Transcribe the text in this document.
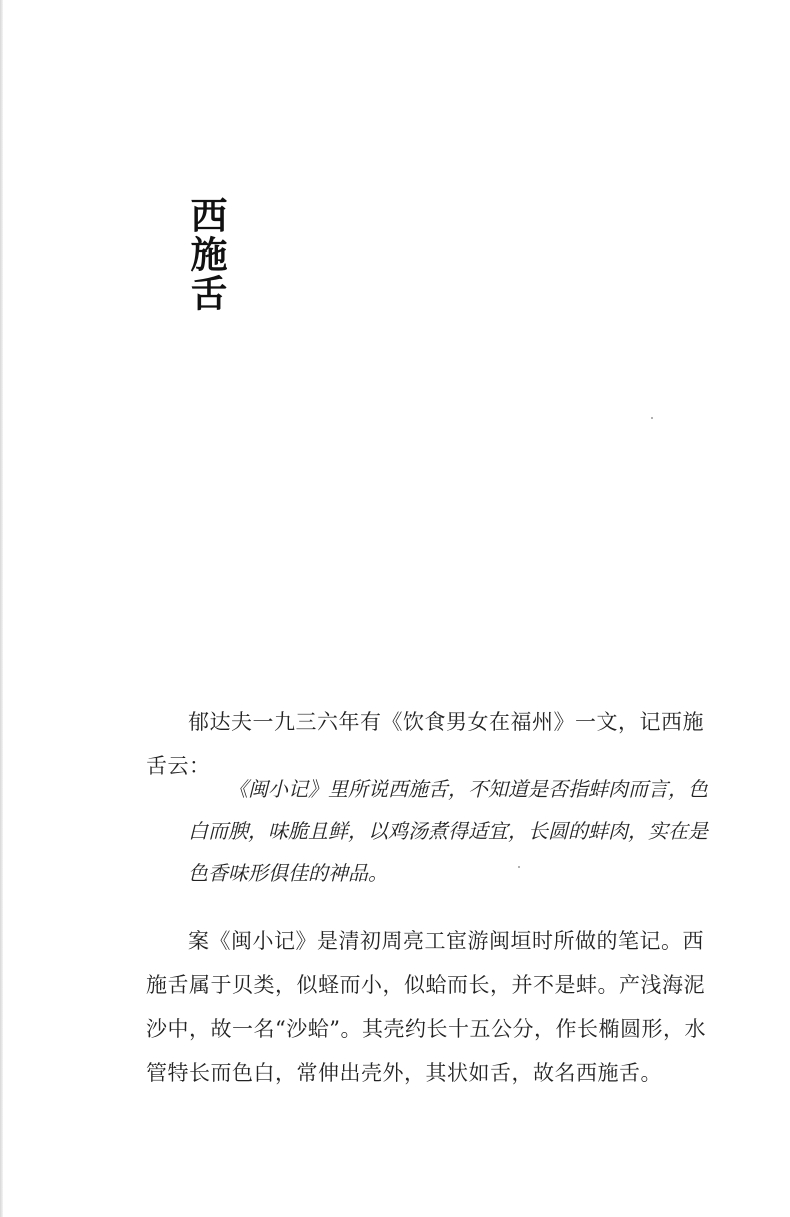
西施舌

郁达夫一九三六年有《饮食男女在福州》一文，记西施舌云：

《闽小记》里所说西施舌，不知道是否指蚌肉而言，色白而腴，味脆且鲜，以鸡汤煮得适宜，长圆的蚌肉，实在是色香味形俱佳的神品。

案《闽小记》是清初周亮工宦游闽垣时所做的笔记。西施舌属于贝类，似蛏而小，似蛤而长，并不是蚌。产浅海泥沙中，故一名“沙蛤”。其壳约长十五公分，作长椭圆形，水管特长而色白，常伸出壳外，其状如舌，故名西施舌。
